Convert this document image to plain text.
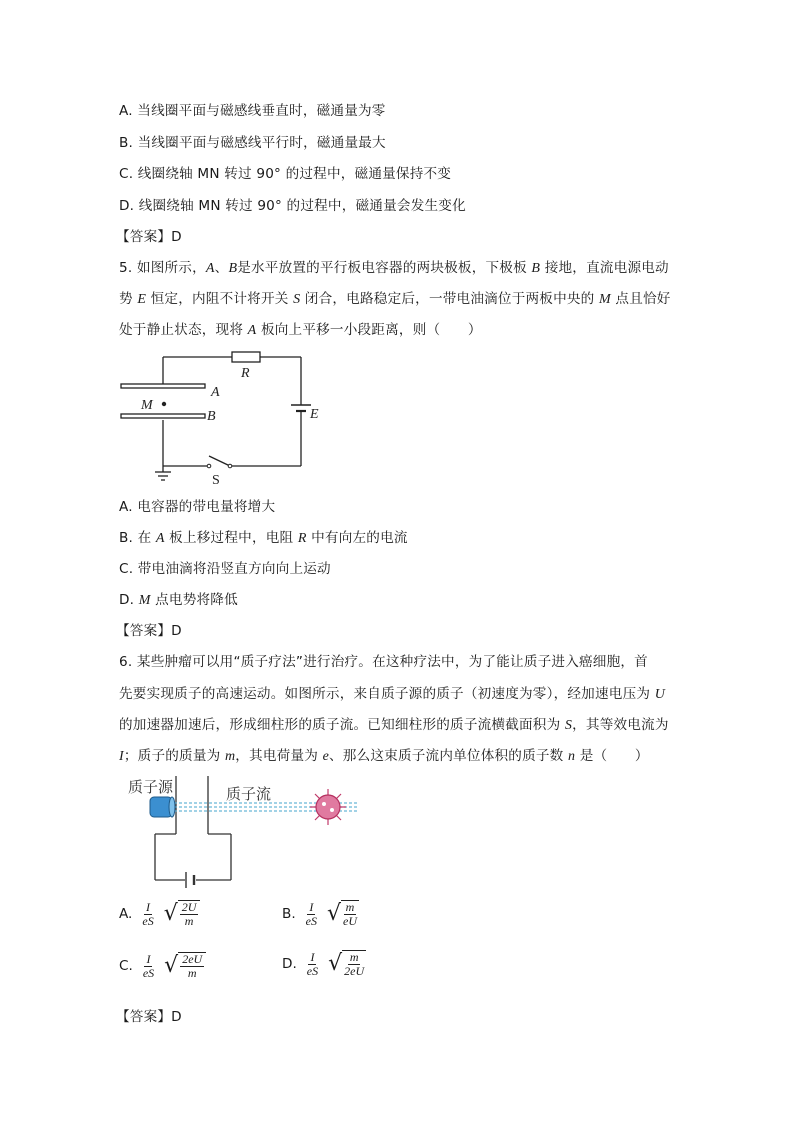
A. 当线圈平面与磁感线垂直时，磁通量为零
B. 当线圈平面与磁感线平行时，磁通量最大
C. 线圈绕轴 MN 转过 90° 的过程中，磁通量保持不变
D. 线圈绕轴 MN 转过 90° 的过程中，磁通量会发生变化
【答案】D
5. 如图所示，A、B是水平放置的平行板电容器的两块极板，下极板 B 接地，直流电源电动
势 E 恒定，内阻不计将开关 S 闭合，电路稳定后，一带电油滴位于两板中央的 M 点且恰好
处于静止状态，现将 A 板向上平移一小段距离，则（　　）
R
A
M
B	E
S
A. 电容器的带电量将增大
B. 在 A 板上移过程中，电阻 R 中有向左的电流
C. 带电油滴将沿竖直方向向上运动
D. M 点电势将降低
【答案】D
6. 某些肿瘤可以用“质子疗法”进行治疗。在这种疗法中，为了能让质子进入癌细胞，首
先要实现质子的高速运动。如图所示，来自质子源的质子（初速度为零），经加速电压为 U
的加速器加速后，形成细柱形的质子流。已知细柱形的质子流横截面积为 S，其等效电流为
I；质子的质量为 m，其电荷量为 e、那么这束质子流内单位体积的质子数 n 是（　　）
质子源	质子流
A. $\frac{I}{eS}$ √ 2U
m	B. $\frac{I}{eS}$ √ m
eU
C. $\frac{I}{eS}$ √ 2eU
m
D. $\frac{I}{eS}$ √ m
2eU
【答案】D
